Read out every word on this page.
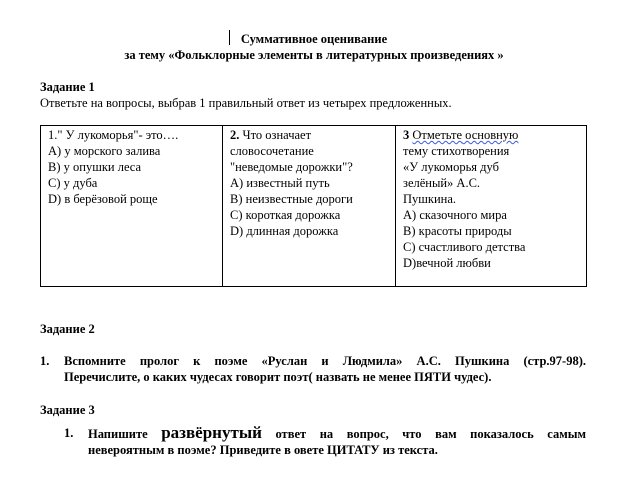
Суммативное оценивание
за тему «Фольклорные элементы в литературных произведениях »
Задание 1
Ответьте на вопросы, выбрав 1 правильный ответ из четырех предложенных.
1." У лукоморья"- это….
A) у морского залива
B) у опушки леса
C) у дуба
D) в берёзовой роще

2. Что означает
словосочетание
"неведомые дорожки"?
А) известный путь
B) неизвестные дороги
C) короткая дорожка
D) длинная дорожка

3 Отметьте основную
тему стихотворения
«У лукоморья дуб
зелёный» А.С.
Пушкина.
А) сказочного мира
В) красоты природы
С) счастливого детства
D)вечной любви
Задание 2
1. Вспомните пролог к поэме «Руслан и Людмила» А.С. Пушкина (стр.97-98).
Перечислите, о каких чудесах говорит поэт( назвать не менее ПЯТИ чудес).
Задание 3
1. Напишите развёрнутый ответ на вопрос, что вам показалось самым
невероятным в поэме? Приведите в овете ЦИТАТУ из текста.
